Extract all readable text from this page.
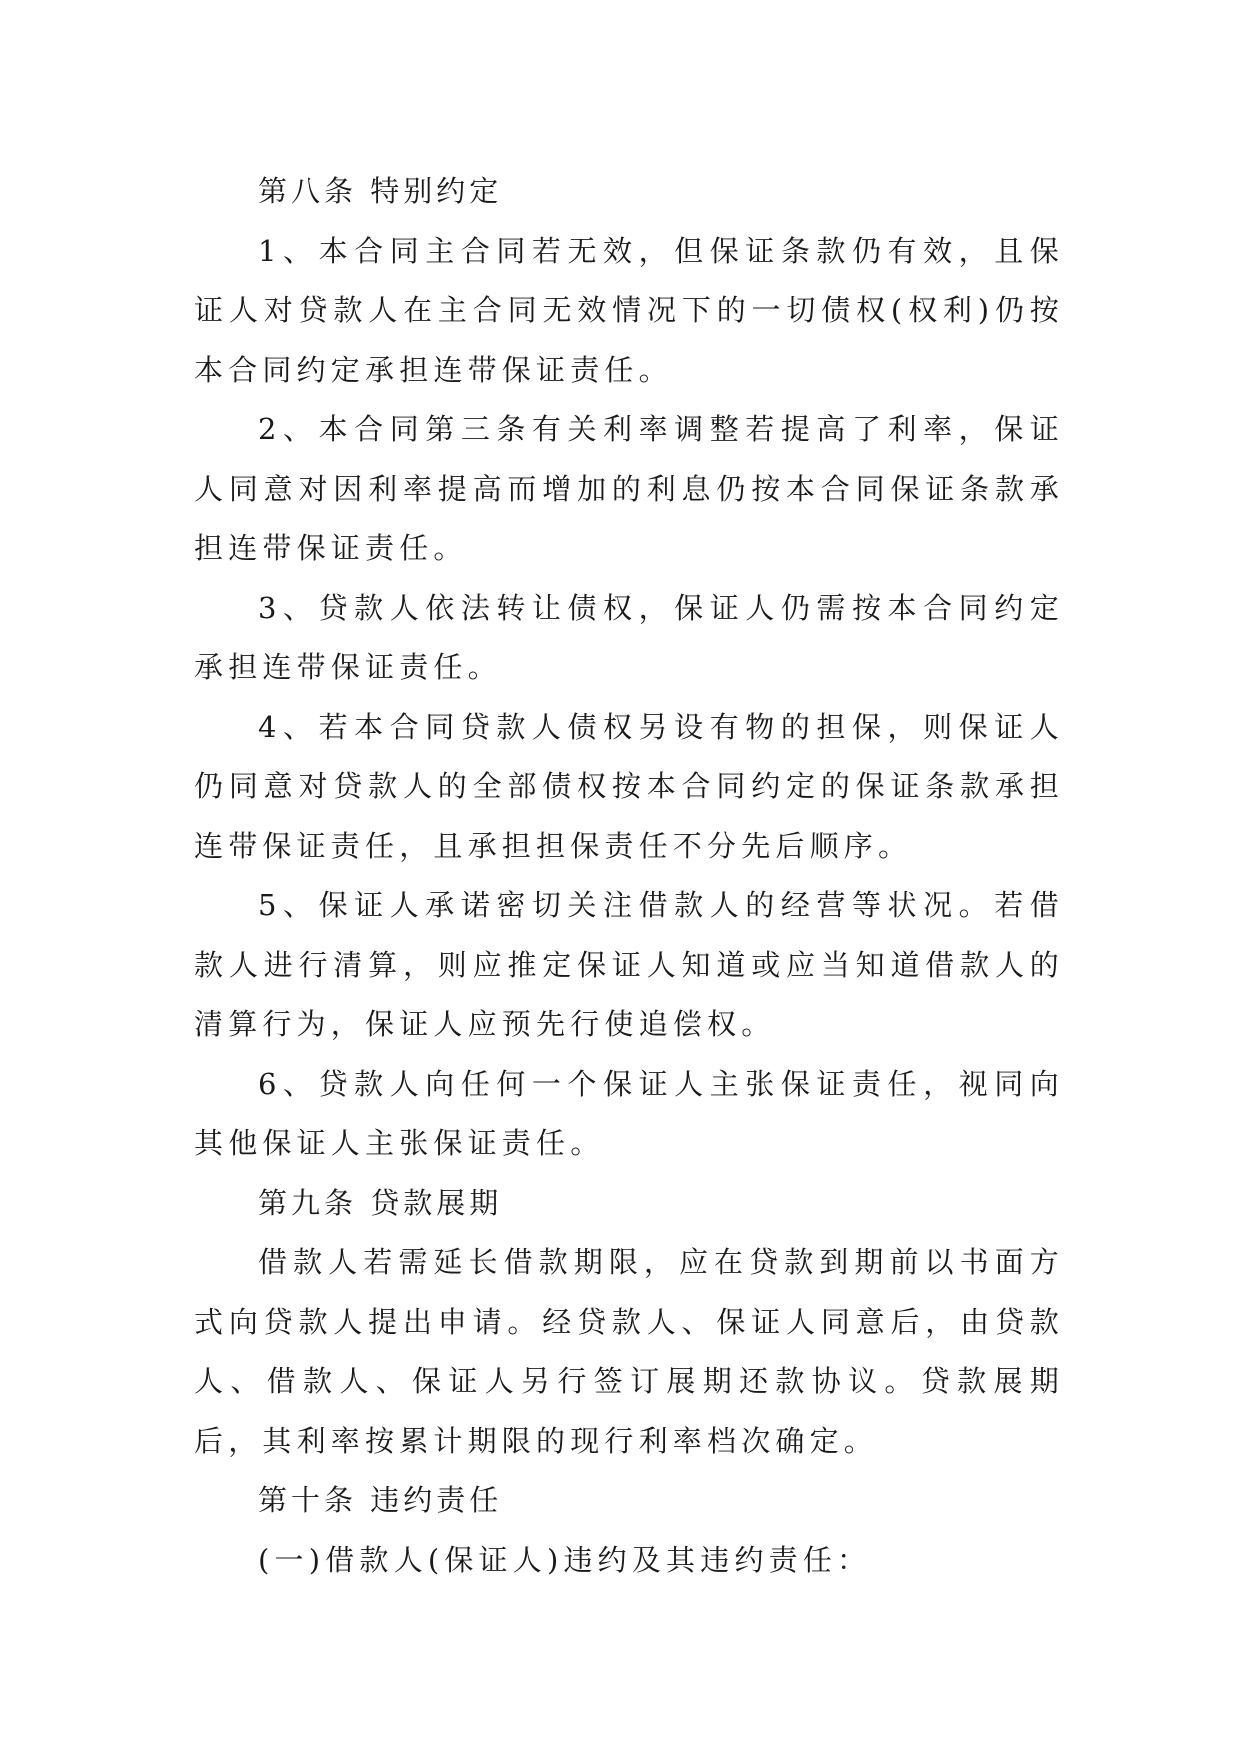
第八条 特别约定

1、本合同主合同若无效，但保证条款仍有效，且保证人对贷款人在主合同无效情况下的一切债权(权利)仍按本合同约定承担连带保证责任。

2、本合同第三条有关利率调整若提高了利率，保证人同意对因利率提高而增加的利息仍按本合同保证条款承担连带保证责任。

3、贷款人依法转让债权，保证人仍需按本合同约定承担连带保证责任。

4、若本合同贷款人债权另设有物的担保，则保证人仍同意对贷款人的全部债权按本合同约定的保证条款承担连带保证责任，且承担担保责任不分先后顺序。

5、保证人承诺密切关注借款人的经营等状况。若借款人进行清算，则应推定保证人知道或应当知道借款人的清算行为，保证人应预先行使追偿权。

6、贷款人向任何一个保证人主张保证责任，视同向其他保证人主张保证责任。

第九条 贷款展期

借款人若需延长借款期限，应在贷款到期前以书面方式向贷款人提出申请。经贷款人、保证人同意后，由贷款人、借款人、保证人另行签订展期还款协议。贷款展期后，其利率按累计期限的现行利率档次确定。

第十条 违约责任

(一)借款人(保证人)违约及其违约责任：
